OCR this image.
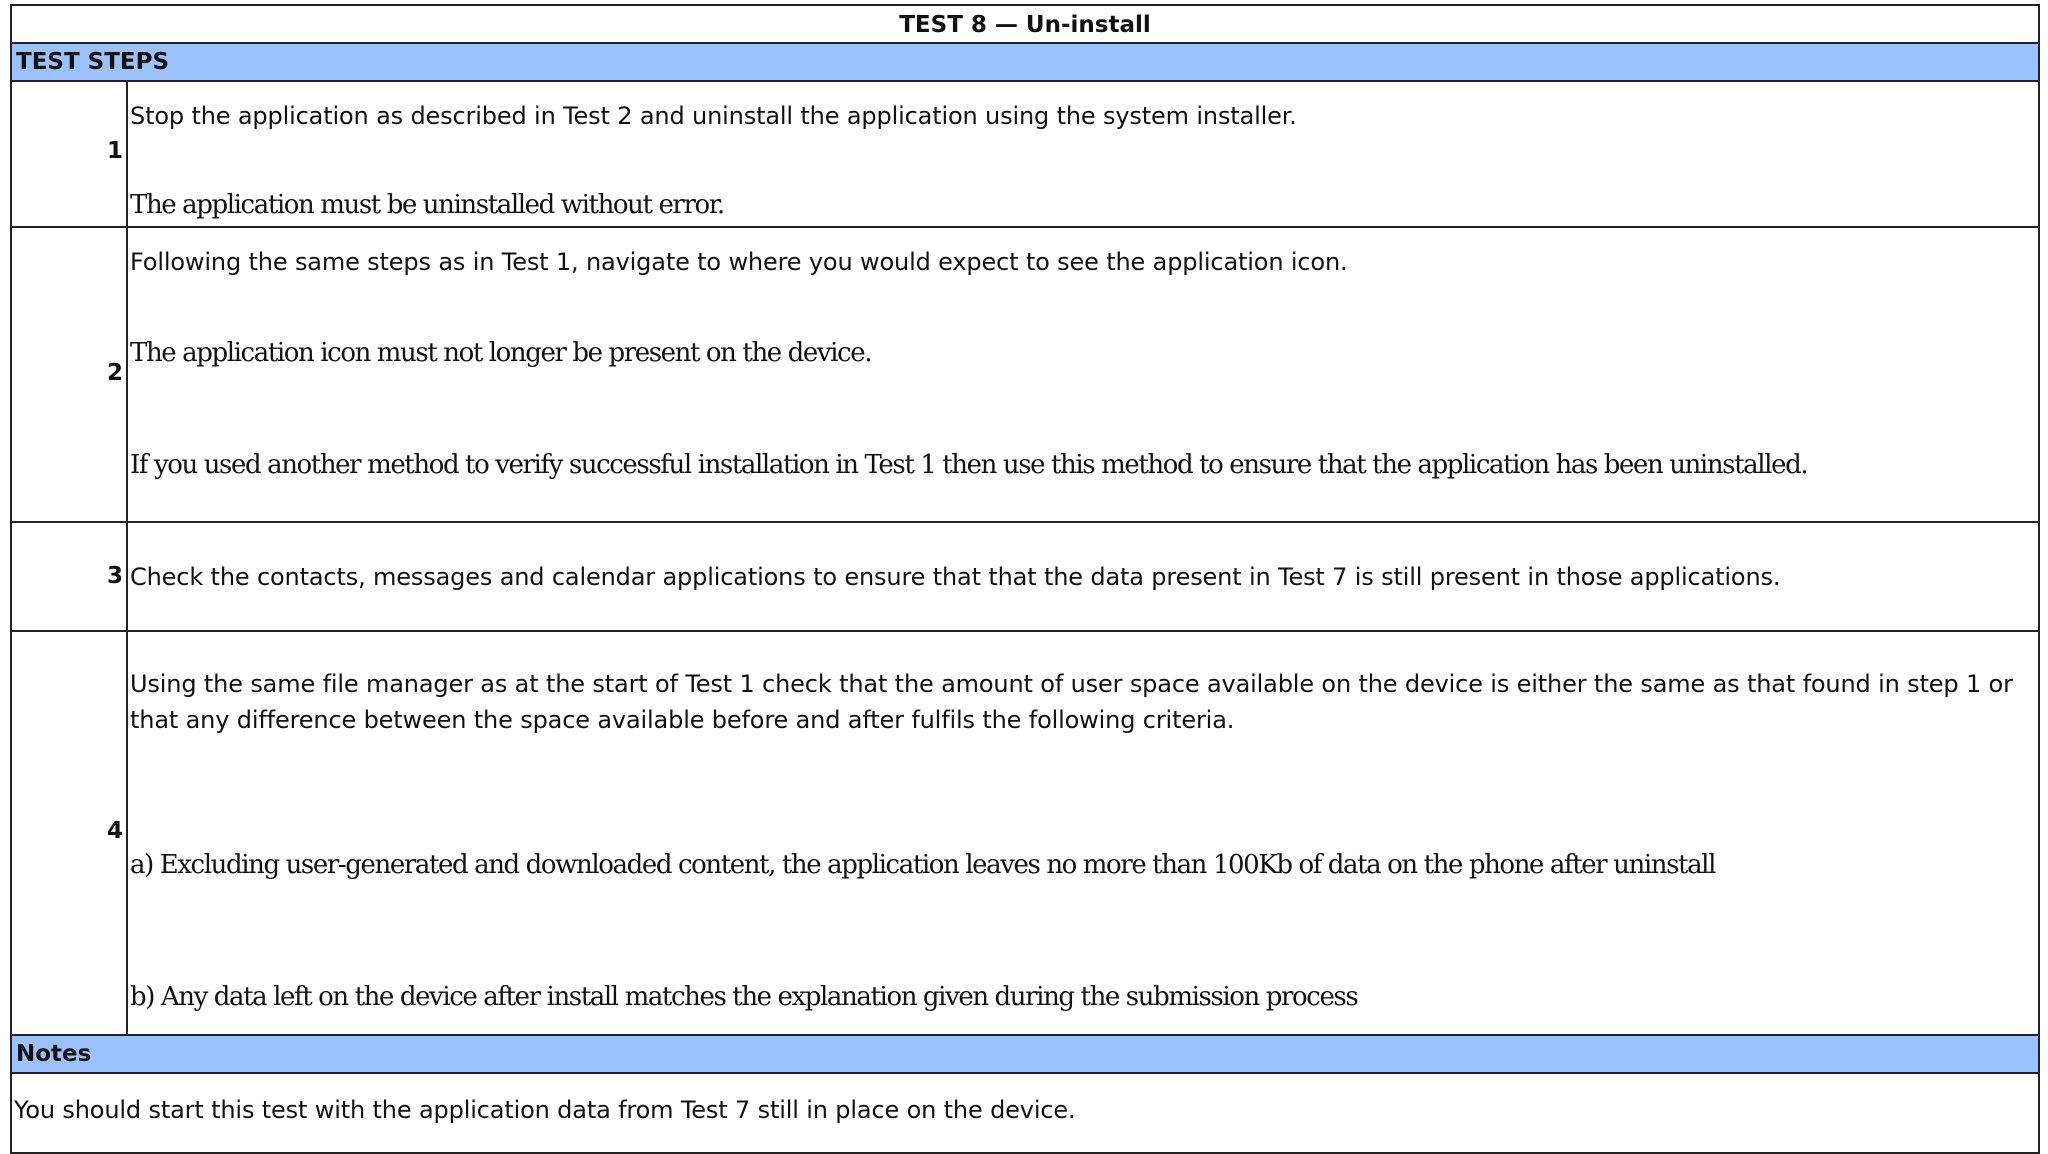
TEST 8 — Un-install
TEST STEPS
1
Stop the application as described in Test 2 and uninstall the application using the system installer.
The application must be uninstalled without error.
2
Following the same steps as in Test 1, navigate to where you would expect to see the application icon.
The application icon must not longer be present on the device.
If you used another method to verify successful installation in Test 1 then use this method to ensure that the application has been uninstalled.
3 Check the contacts, messages and calendar applications to ensure that that the data present in Test 7 is still present in those applications.
4
Using the same file manager as at the start of Test 1 check that the amount of user space available on the device is either the same as that found in step 1 or that any difference between the space available before and after fulfils the following criteria.
a) Excluding user-generated and downloaded content, the application leaves no more than 100Kb of data on the phone after uninstall
b) Any data left on the device after install matches the explanation given during the submission process
Notes
You should start this test with the application data from Test 7 still in place on the device.
